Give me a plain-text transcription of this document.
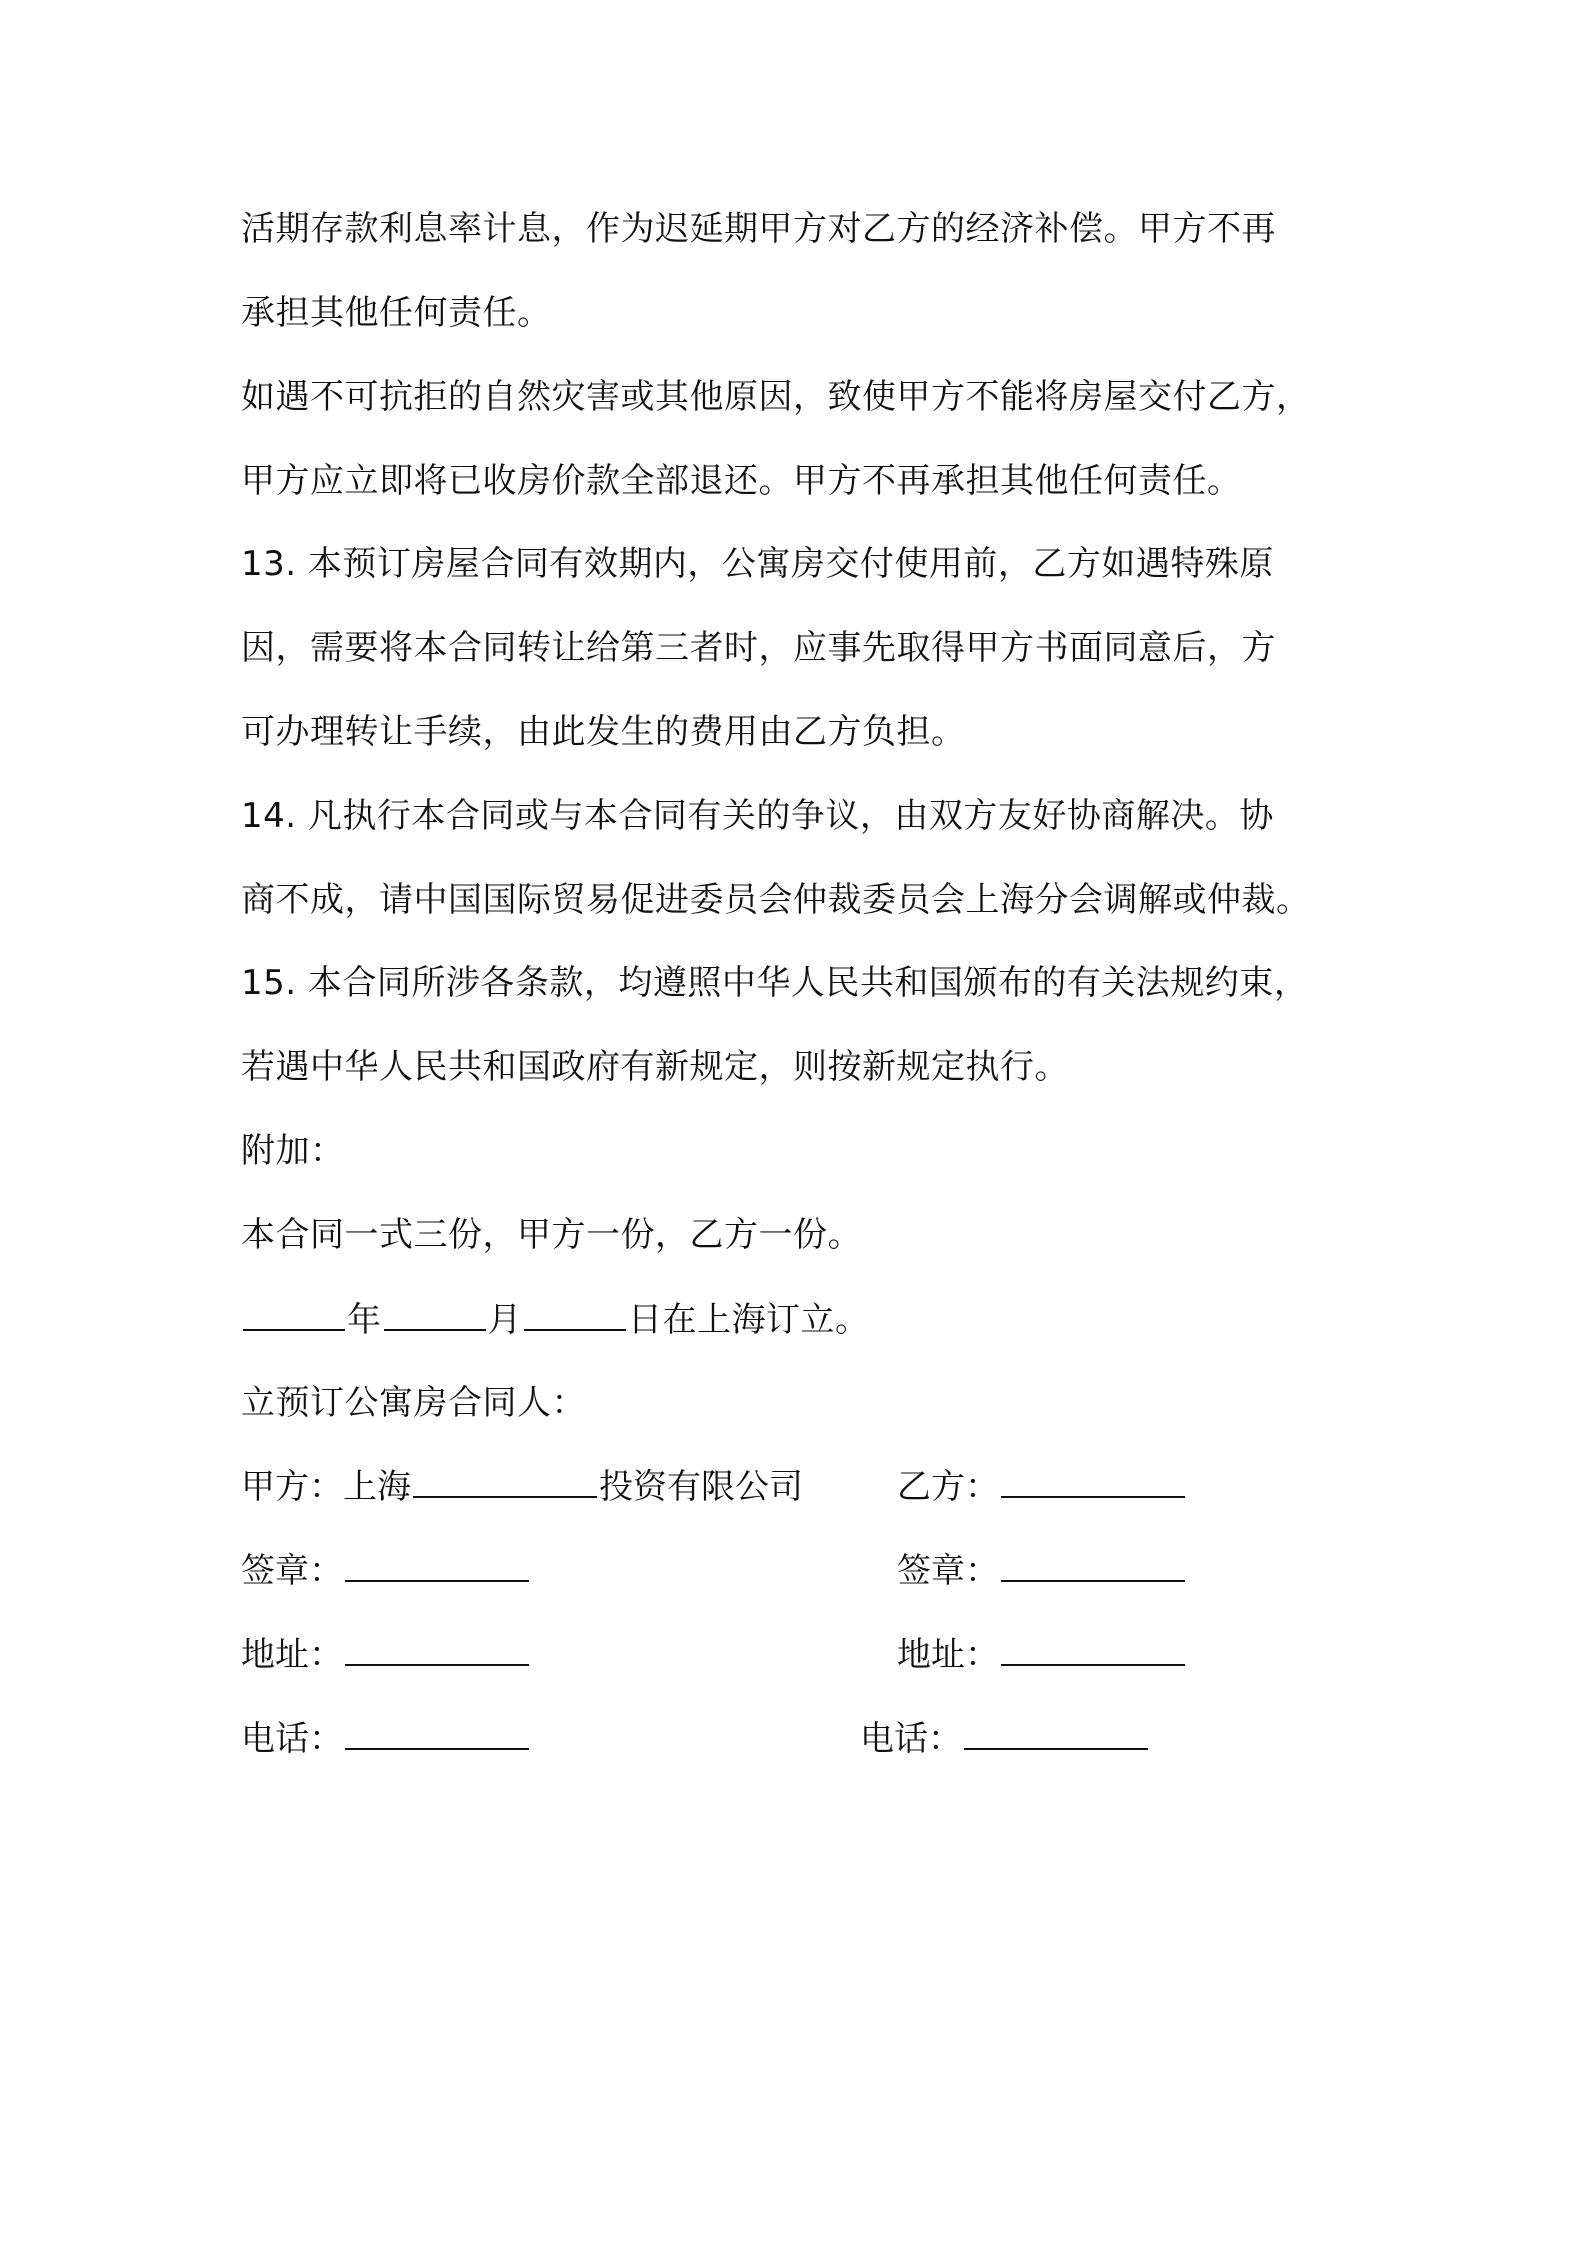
活期存款利息率计息，作为迟延期甲方对乙方的经济补偿。甲方不再
承担其他任何责任。
如遇不可抗拒的自然灾害或其他原因，致使甲方不能将房屋交付乙方，
甲方应立即将已收房价款全部退还。甲方不再承担其他任何责任。
13. 本预订房屋合同有效期内，公寓房交付使用前，乙方如遇特殊原
因，需要将本合同转让给第三者时，应事先取得甲方书面同意后，方
可办理转让手续，由此发生的费用由乙方负担。
14. 凡执行本合同或与本合同有关的争议，由双方友好协商解决。协
商不成，请中国国际贸易促进委员会仲裁委员会上海分会调解或仲裁。
15. 本合同所涉各条款，均遵照中华人民共和国颁布的有关法规约束，
若遇中华人民共和国政府有新规定，则按新规定执行。
附加：
本合同一式三份，甲方一份，乙方一份。
年	月	日在上海订立。
立预订公寓房合同人：
甲方：上海	投资有限公司	乙方：
签章：	签章：
地址：	地址：
电话：	电话：
